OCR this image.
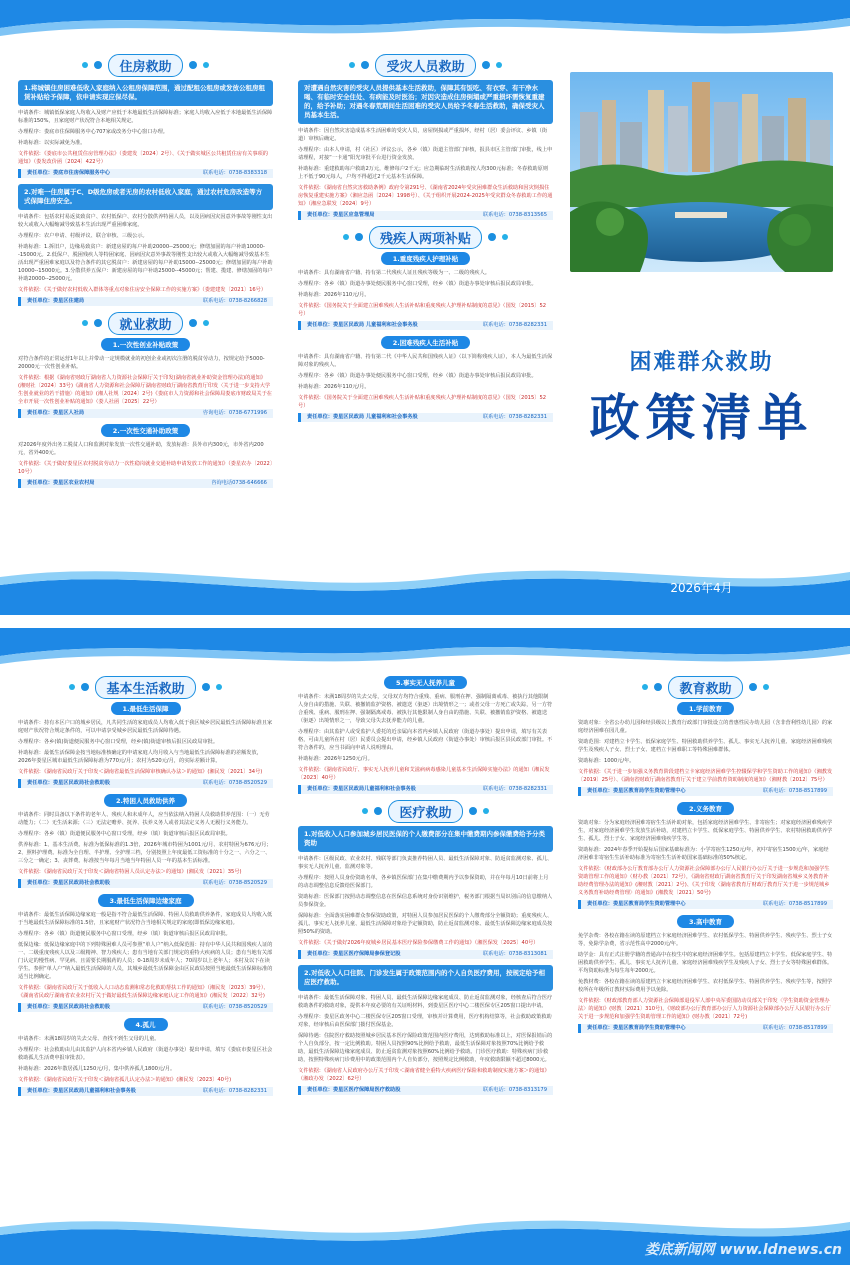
住房救助
1.将城镇住房困难低收入家庭纳入公租房保障范围，通过配租公租房或发放公租房租赁补贴给予保障，依申请实现应保尽保。

申请条件：城镇低保家庭人均收入及财产应低于本地最低生活保障标准；家庭人均收入应低于本地最低生活保障标准的150%，且家庭财产状况符合本地相关规定。

办理程序：娄底市住保障服务中心707家或改务分中心窗口办理。

补助标准：以实际减免为准。

文件依据：《娄底市公共租赁住房管理办法》（娄建发〔2024〕2号）、《关于做实城区公共租赁住房有关事项的通知》（娄发改价函〔2024〕422号）

责任单位：娄底市住房保障服务中心	联系电话：0738-8383318
2.对唯一住房属于C、D级危房或者无房的农村低收入家庭，通过农村危房改造等方式保障住房安全。

申请条件：包括农村易返贫致贫户、农村低保户、农村分散供养特困人员，以及因病因灾因意外事故等刚性支出较大或收入大幅缩减导致基本生活出现严重困难家庭。

办理程序：农户申请、村级评议、联合审核、三级公示。

补助标准：1.拆旧户，边缘易致贫户：新建房屋的每户补助20000--25000元；修缮加固的每户补助10000--15000元。2.低保户、脱困残疾人等特困家庭、因病因灾意外事故等刚性支出较大或收入大幅缩减导致基本生活出现严重困难家庭以及符合条件的其它脱贫户：新建房屋的每户补助15000--25000元；修缮加固的每户补助10000--15000元。3.分散供养五保户：新建房屋的每户补助25000--45000元；帮建、揽建、修缮加固的每户补助20000--25000元。

文件依据：《关于做好农村低收入群体等重点对象住房安全保障工作的实施方案》（娄建建发〔2021〕16号）

责任单位：娄星区住建局	联系电话：0738-8266828
就业救助
1.一次性创业补贴政策

对符合条件的正常运营1年以上并带动一定规模就业的初创企业或初次注册的脱贫劳动力，按规定给予5000-20000元一次性创业补贴。

文件依据：根据《湖南省财政厅湖南省人力资源社会保障厅关于印发(湖南省就业补助资金管理办法)的通知》(湘财社〔2024〕33号)《湖南省人力资源和社会保障厅湖南省财政厅湖南省教育厅印发〈关于进一步支持大学生创业就业的若干措施〉的通知》(湘人社规〔2024〕2号)《娄底市人力资源和社会保障局娄底市财政局关于在全市开展一次性创业补贴的通知》（娄人社函〔2025〕22号）

责任单位：娄星区人社局	咨询电话：0738-6771996
2.一次性交通补助政策

对2026年度外出务工脱贫人口和监测对象发放一次性交通补助，发放标准：县外市内300元，市外省内200元，省外400元。

文件依据：《关于做好娄星区农村脱贫劳动力一次性稳岗就业交通补助申请发放工作的通知》（娄星农办〔2022〕10号）

责任单位：娄星区农业农村局	咨询电话0738-646666
受灾人员救助
对遭遇自然灾害的受灾人员提供基本生活救助，保障其有饭吃、有衣穿、有干净水喝、有临时安全住处、有病能及时医治；对因灾造成住房倒塌或严重损坏需恢复重建的，给予补助；对遇冬春荒期间生活困难的受灾人员给予冬春生活救助，确保受灾人员基本生活。

申请条件：因自然灾害造成基本生活困难的受灾人员，房屋倒损或严重损坏，经村（居）委会评议、乡镇（街道）审核后确定。

办理程序：由本人申请，村（社区）评议公示，各乡（镇）街道主管部门审核，报县市区主管部门审批，线上申请理程，对接“一卡通”阳光审批平台进行资金发放。

补助标准：重建救助每户救助2万元，维修每户2千元；应急期临时生活救助按人均300元标准；冬春救助原则上不低于90元每人，户均不得超过2千元基本生活保障。

文件依据：《湖南省自然灾害救助条例》政府令第291号、《湖南省2024年受灾困难群众生活救助和因灾倒损住房恢复重建实施方案》（湘应急函〔2024〕1998号）、《关于组织开展2024-2025年受灾群众冬春救助工作的通知》（湘应急联发〔2024〕9号）

责任单位：娄星区应急管理局	联系电话：0738-8313565
残疾人两项补贴
1.重度残疾人护理补贴

申请条件：具有湖南省户籍、持有第二代残疾人证且残疾等级为一、二级的残疾人。

办理程序：各乡（镇）街道办事处便民服务中心窗口受理，经乡（镇）街道办事处审核后报民政局审批。

补助标准：2026年110元/月。

文件依据：《国务院关于全面建立困难残疾人生活补贴和重度残疾人护理补贴制度的意见》（国发〔2015〕52号）

责任单位：娄星区民政局 儿童福利和社会事务股	联系电话：0738-8282331
2.困难残疾人生活补贴

申请条件：具有湖南省户籍、持有第二代《中华人民共和国残疾人证》（以下简称残疾人证），本人为最低生活保障对象的残疾人。

办理程序：各乡（镇）街道办事处便民服务中心窗口受理，经乡（镇）街道办事处审核后报民政局审批。

补助标准：2026年110元/月。

文件依据：《国务院关于全面建立困难残疾人生活补贴和重度残疾人护理补贴制度的意见》（国发〔2015〕52号）

责任单位：娄星区民政局 儿童福利和社会事务股	联系电话：0738-8282331
困难群众救助
政策清单
娄底市娄星区民政局
2026年4月
基本生活救助
1.最低生活保障

申请条件：持有本区户口的城乡居民，凡共同生活的家庭成员人均收入低于我区城乡居民最低生活保障标准且家庭财产状况符合规定条件的，可以申请享受城乡居民最低生活保障待遇。

办理程序：各乡(镇)街道便民服务中心窗口受理，经乡(镇)街道审核后报区民政局审批。

补助标准：最低生活保障金按当地标准核确定的申请家庭人均月收入与当地最低生活保障标准的差额发放，2026年娄星区城市最低生活保障标准为770元/月；农村为520元/月，的实际差额计算。

文件依据：《湖南省民政厅关于印发＜湖南省最低生活保障审核确认办法＞的通知》(湘民发〔2021〕34号)

责任单位：娄星区民政局社会救助股	联系电话：0738-8520529
2.特困人员救助供养

申请条件：同时具备以下条件的老年人、残疾人和未成年人，应当依法纳入特困人员救助供养范围：（一）无劳动能力；（二）无生活来源；（三）无法定赡养、抚养、扶养义务人或者其法定义务人无履行义务能力。

办理程序：各乡（镇）街道便民服务中心窗口受理，经乡（镇）街道审核后报区民政局审批。

供养标准：1、基本生活费。标准为低保标准的1.3倍，2026年城市特困为1001元/月、农村特困为676元/月；2、照料护理费。标准为全自理、半护理、全护理三档，分别按照上年度最低工资标准的十分之一、六分之一、三分之一确定；3、丧葬费。标准按当年每月当地当年特困人员一年的基本生活标准。

文件依据：《湖南省民政厅关于印发＜湖南省特困人员认定办法＞的通知》(湘民发〔2021〕35号)

责任单位：娄星区民政局社会救助股	联系电话：0738-8520529
3.最低生活保障边缘家庭

申请条件：最低生活保障边缘家庭一般是指不符合最低生活保障、特困人员救助供养条件，家庭成员人均收入低于当地最低生活保障标准的1.5倍，且家庭财产状况符合当地相关规定的家庭(即低保边缘家庭)。

办理程序：各乡（镇）街道便民服务中心窗口受理，经乡（镇）街道审核后报区民政局审批。

低保边缘：低保边缘家庭中的下列特殊困难人员可参照“单人户”纳入低保范围：持有中华人民共和国残疾人证的一、二级重度残疾人以及三级精神、智力残疾人；患有当地有关部门规定的重特大疾病的人员；患有当地有关部门认定的慢性病、罕见病、且需要长期服药的人员；0-18周岁未成年人；70周岁以上老年人；本村及以下在读学生。参照“单人户”纳入最低生活保障的人员，其城乡最低生活保障金由区民政局按照当地最低生活保障标准的适当比例确定。

文件依据：《湖南省民政厅关于低收入人口动态监测和常态化救助帮扶工作的通知》（湘民发〔2023〕39号）、《湖南省民政厅湖南省农业农村厅关于做好最低生活保障边缘家庭认定工作的通知》(湘民发〔2022〕32号)

责任单位：娄星区民政局社会救助股	联系电话：0738-8520529
4.孤儿

申请条件：未满18周岁的失去父母、查找不到生父母的儿童。

办理程序：社会救助由儿由其监护人向本省内乡镇人民政府（街道办事处）提出申请，填写《娄底市娄星区社会救助孤儿生活费申报审批表》。

补助标准：2026年散居孤儿1250元/月，集中供养孤儿1800元/月。

文件依据：《湖南省民政厅关于印发＜湖南省孤儿认定办法＞的通知》(湘民发〔2023〕40号)

责任单位：娄星区民政局儿童福利和社会事务股	联系电话：0738-8282331
5.事实无人抚养儿童

申请条件：未满18周岁的失去父母，父母双方均符合重残、重病、服刑在押、强制隔离戒毒、被执行其他限制人身自由的措施、失联、被撤销监护资格、被遣送（驱逐）出境情形之一；或者父母一方死亡或失踪，另一方符合重残、重病、服刑在押、强制隔离戒毒、被执行其他限制人身自由的措施、失联、被撤销监护资格、被遣送（驱逐）出境情形之一，导致父母失去抚养能力的儿童。

办理程序：由其监护人或受监护人委托的近亲属向本省内乡镇人民政府（街道办事处）提出申请，填写有关表格，可由儿童所在村（居）民委员会提出申请，经乡镇人民政府（街道办事处）审核后报区县民政部门审批。不符合条件的，应当书面向申请人说明理由。

补助标准：2026年1250元/月。

文件依据：《湖南省民政厅、事实无人抚养儿童和艾滋病病毒感染儿童基本生活保障实施办法》的通知（湘民发〔2023〕40号）

责任单位：娄星区民政局儿童福利和社会事务股	联系电话：0738-8282331
医疗救助
1.对低收入人口参加城乡居民医保的个人缴费部分在集中缴费期内参保缴费给予分类资助

申请条件：区级民政、农业农村、残联等部门负责推荐特困人员、最低生活保障对象、防返贫监测对象、孤儿、事实无人抚养儿童、监测对象等。

办理程序：按照人员身份资助名单，各乡镇医保部门在集中缴费期内予以参保资助，并在年每月10日前将上月的动态调整信息反馈给医保部门。

资助标准：医保部门按照动态调整信息在医保信息系统对身份识别维护，税务部门根据当局识别后的信息缴纳人员参保资金。

保障标准：全面落实困难群众参保资助政策，对特困人员参加居民医保的个人缴费部分全额资助；重度残疾人、孤儿、事实无人抚养儿童、最低生活保障对象给予定额资助，防止返贫监测对象、最低生活保障边缘家庭成员按照50%的资助。

文件依据：《关于做好2026年度城乡居民基本医疗保险参保缴费工作的通知》（湘医保发〔2025〕40号）

责任单位：娄星区医疗保障局参保登记股	联系电话：0738-8313081
2.对低收入人口住院、门诊发生属于政策范围内的个人自负医疗费用，按规定给予相应医疗救助。

申请条件：最低生活保障对象、特困人员、最低生活保障边缘家庭成员、防止返贫监测对象，经核查后符合医疗救助条件的救助对象，提供本年度必要的有关证明材料，到娄星区医疗中心二楼医保专区205窗口提出申请。

办理程序：娄星区政务中心二楼医保专区205窗口受理，审核并计算费用，医疗机构结算等，社会救助政策救助对象，经审核后由医保部门拨付医保基金。

保障待遇：住院医疗救助按照城乡居民基本医疗保险政策范围内医疗费用，达到救助标准以上，对医保报销后的个人自负部分，按一定比例救助。特困人员按照90%比例给予救助，最低生活保障对象按照70%比例给予救助，最低生活保障边缘家庭成员、防止返贫监测对象按照60%比例给予救助。门诊医疗救助：特殊疾病门诊救助，按照特殊疾病门诊费用中的政策范围内个人自负部分，按照规定比例救助，年度救助限额不超过8000元。

文件依据：《湖南省人民政府办公厅关于印发＜湖南省健全重特大疾病医疗保险和救助制度实施方案＞的通知》（湘政办发〔2022〕62号）

责任单位：娄星区医疗保障局医疗救助股	联系电话：0738-8313179
教育救助
1.学前教育

资助对象：全省公办幼儿园和经县级以上教育行政部门审批设立的普惠性民办幼儿园（含非营利性幼儿园）的家庭经济困难在园儿童。

资助范围：对建档立卡学生、低保家庭学生、特困救助供养学生、孤儿、事实无人抚养儿童、家庭经济困难残疾学生及残疾人子女、烈士子女、建档立卡困难职工等特殊困难群体。

资助标准：1000元/年。

文件依据：《关于进一步加强义务教育阶段建档立卡家庭经济困难学生控辍保学和学生资助工作的通知》（湘教发〔2019〕25号）、《湖南省财政厅湖南省教育厅关于建立学前教育资助制度的通知》（湘财教〔2012〕75号）

责任单位：娄星区教育局学生资助管理中心	联系电话：0738-8517899
2.义务教育

资助对象：分为家庭经济困难寄宿生生活补助对象，包括家庭经济困难学生、非寄宿生；对家庭经济困难残疾学生，对家庭经济困难学生发放生活补助，对建档立卡学生、低保家庭学生、特困供养学生、农村特困救助供养学生、孤儿、烈士子女、家庭经济困难残疾学生等。

资助标准：2024年春季开始提标后国家基础标准为：小学寄宿生1250元/年，初中寄宿生1500元/年，家庭经济困难非寄宿生生活补助标准为寄宿生生活补助国家基础标准的50%核定。

文件依据：《财政部办公厅教育部办公厅人力资源社会保障部办公厅人民银行办公厅关于进一步规范和加强学生资助管理工作的通知》（财办教〔2021〕72号），《湖南省财政厅湖南省教育厅关于印发湖南省城乡义务教育补助经费管理办法的通知》(湘财教〔2021〕2号)、《关于印发〈湖南省教育厅财政厅教育厅关于进一步规范城乡义务教育补助经费管理〉的通知》(湘教发〔2021〕50号)

责任单位：娄星区教育局学生资助管理中心	联系电话：0738-8517899
3.高中教育

免学杂费：各校在籍在读的原建档立卡家庭经济困难学生、农村低保学生、特困供养学生、残疾学生、烈士子女等，免除学杂费，省示范性高中2000元/年。

助学金：具有正式注册学籍的普通高中在校生中的家庭经济困难学生。包括原建档立卡学生、低保家庭学生、特困救助供养学生、孤儿、事实无人抚养儿童、家庭经济困难残疾学生及残疾人子女、烈士子女等特殊困难群体。平均资助标准为每生每年2000元。

免教材费：各校在籍在读的原建档立卡家庭经济困难学生、农村低保学生、特困供养学生、残疾学生等，按照学校所在年级所订教材实际费用予以免除。

文件依据：《财政部教育部人力资源社会保障部退役军人部中央军委国防动员部关于印发〈学生资助资金管理办法〉的通知》(财教〔2021〕310号)，《财政部办公厅教育部办公厅人力资源社会保障部办公厅人民银行办公厅关于进一步规范和加强学生资助管理工作的通知》(财办教〔2021〕72号)

责任单位：娄星区教育局学生资助管理中心	联系电话：0738-8517899
娄底新闻网 www.ldnews.cn
